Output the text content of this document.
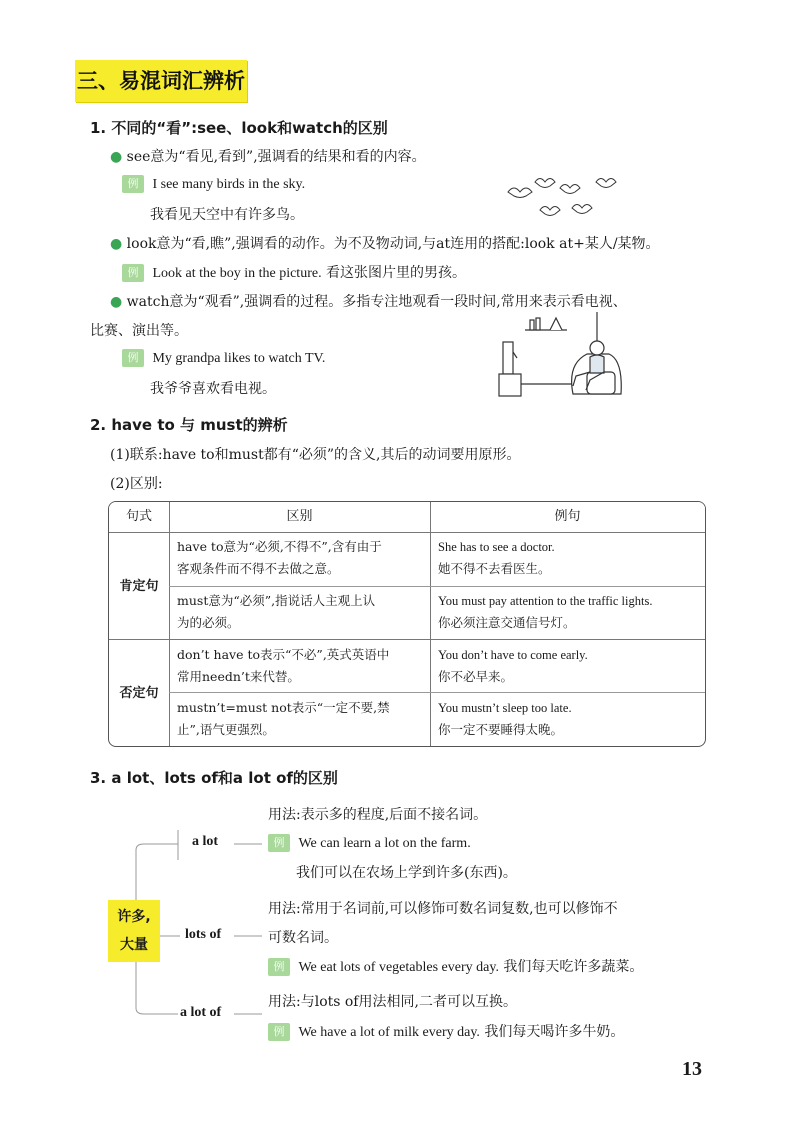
三、易混词汇辨析
1. 不同的“看”:see、look和watch的区别
● see意为“看见,看到”,强调看的结果和看的内容。
例 I see many birds in the sky.
我看见天空中有许多鸟。
● look意为“看,瞧”,强调看的动作。为不及物动词,与at连用的搭配:look at+某人/某物。
例 Look at the boy in the picture. 看这张图片里的男孩。
● watch意为“观看”,强调看的过程。多指专注地观看一段时间,常用来表示看电视、
比赛、演出等。
例 My grandpa likes to watch TV.
我爷爷喜欢看电视。
2. have to 与 must的辨析
(1)联系:have to和must都有“必须”的含义,其后的动词要用原形。
(2)区别:
句式	区别	例句
肯定句
否定句
have to意为“必须,不得不”,含有由于
客观条件而不得不去做之意。
She has to see a doctor.
她不得不去看医生。
must意为“必须”,指说话人主观上认
为的必须。
You must pay attention to the traffic lights.
你必须注意交通信号灯。
don’t have to表示“不必”,英式英语中
常用needn’t来代替。
You don’t have to come early.
你不必早来。
mustn’t=must not表示“一定不要,禁
止”,语气更强烈。
You mustn’t sleep too late.
你一定不要睡得太晚。
3. a lot、lots of和a lot of的区别
许多,
大量
a lot
lots of
a lot of
用法:表示多的程度,后面不接名词。
例 We can learn a lot on the farm.
我们可以在农场上学到许多(东西)。
用法:常用于名词前,可以修饰可数名词复数,也可以修饰不
可数名词。
例 We eat lots of vegetables every day. 我们每天吃许多蔬菜。
用法:与lots of用法相同,二者可以互换。
例 We have a lot of milk every day. 我们每天喝许多牛奶。
13
